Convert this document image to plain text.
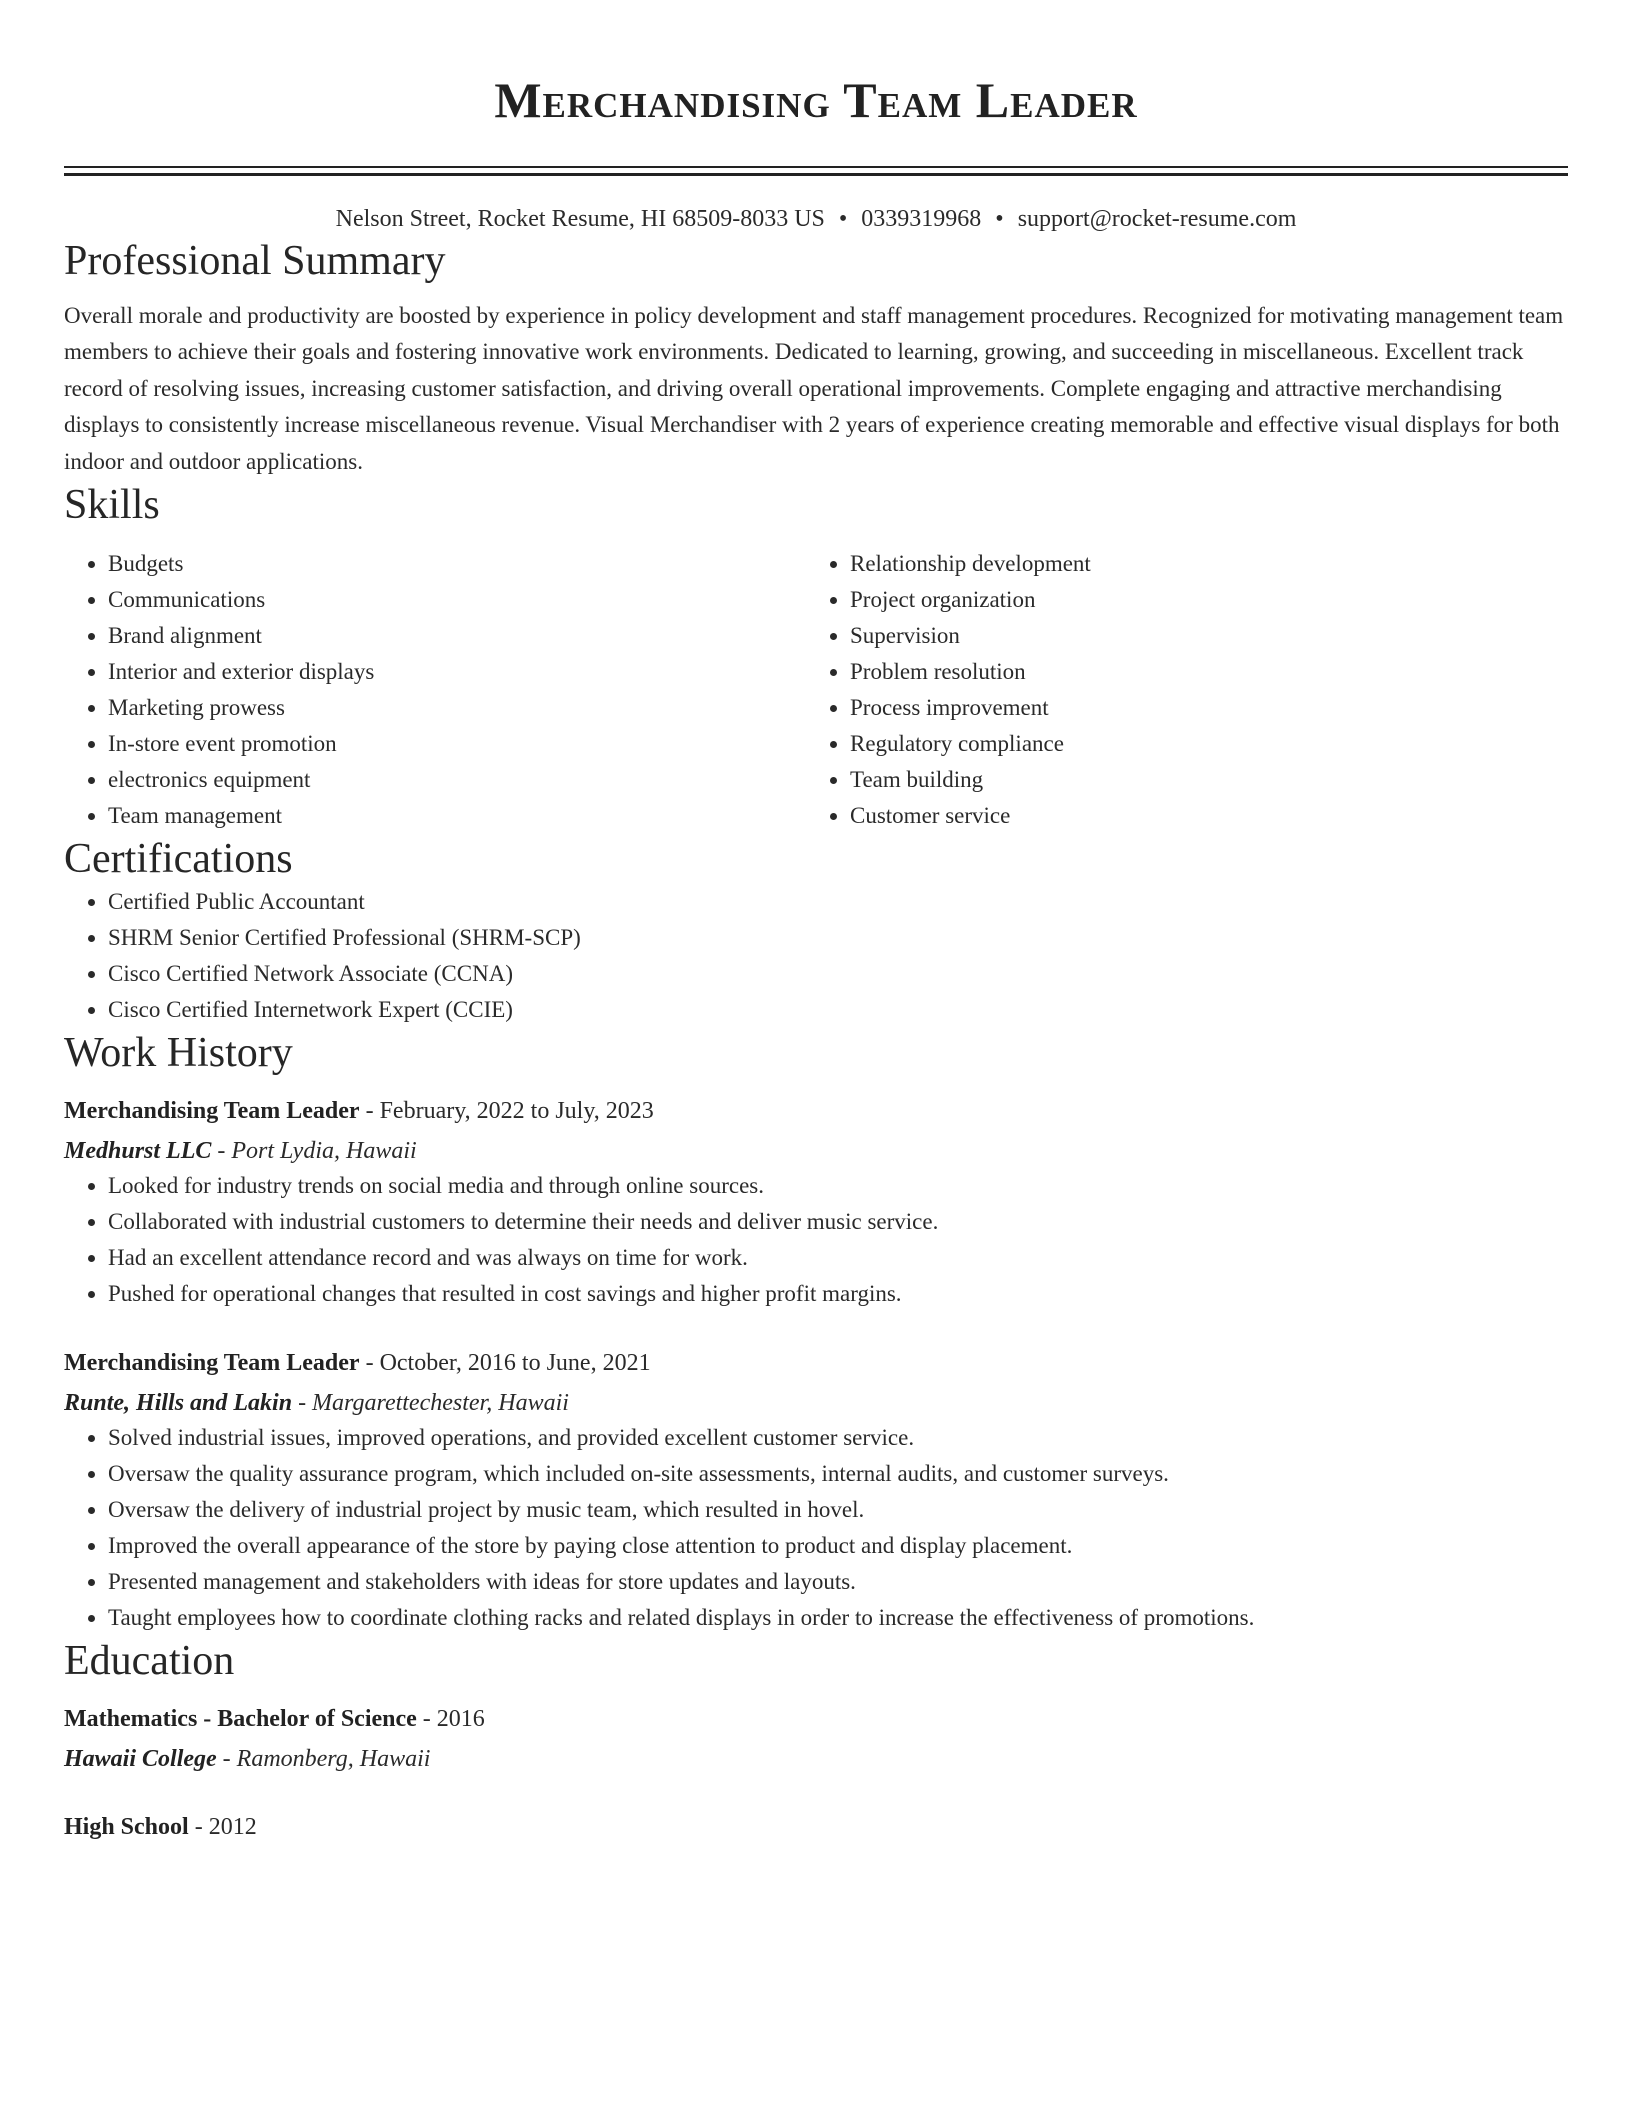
Merchandising Team Leader
Nelson Street, Rocket Resume, HI 68509-8033 US • 0339319968 • support@rocket-resume.com
Professional Summary
Overall morale and productivity are boosted by experience in policy development and staff management procedures. Recognized for motivating management team members to achieve their goals and fostering innovative work environments. Dedicated to learning, growing, and succeeding in miscellaneous. Excellent track record of resolving issues, increasing customer satisfaction, and driving overall operational improvements. Complete engaging and attractive merchandising displays to consistently increase miscellaneous revenue. Visual Merchandiser with 2 years of experience creating memorable and effective visual displays for both indoor and outdoor applications.
Skills
• Budgets
• Communications
• Brand alignment
• Interior and exterior displays
• Marketing prowess
• In-store event promotion
• electronics equipment
• Team management
• Relationship development
• Project organization
• Supervision
• Problem resolution
• Process improvement
• Regulatory compliance
• Team building
• Customer service
Certifications
• Certified Public Accountant
• SHRM Senior Certified Professional (SHRM-SCP)
• Cisco Certified Network Associate (CCNA)
• Cisco Certified Internetwork Expert (CCIE)
Work History
Merchandising Team Leader - February, 2022 to July, 2023
Medhurst LLC - Port Lydia, Hawaii
• Looked for industry trends on social media and through online sources.
• Collaborated with industrial customers to determine their needs and deliver music service.
• Had an excellent attendance record and was always on time for work.
• Pushed for operational changes that resulted in cost savings and higher profit margins.
Merchandising Team Leader - October, 2016 to June, 2021
Runte, Hills and Lakin - Margarettechester, Hawaii
• Solved industrial issues, improved operations, and provided excellent customer service.
• Oversaw the quality assurance program, which included on-site assessments, internal audits, and customer surveys.
• Oversaw the delivery of industrial project by music team, which resulted in hovel.
• Improved the overall appearance of the store by paying close attention to product and display placement.
• Presented management and stakeholders with ideas for store updates and layouts.
• Taught employees how to coordinate clothing racks and related displays in order to increase the effectiveness of promotions.
Education
Mathematics - Bachelor of Science - 2016
Hawaii College - Ramonberg, Hawaii
High School - 2012
